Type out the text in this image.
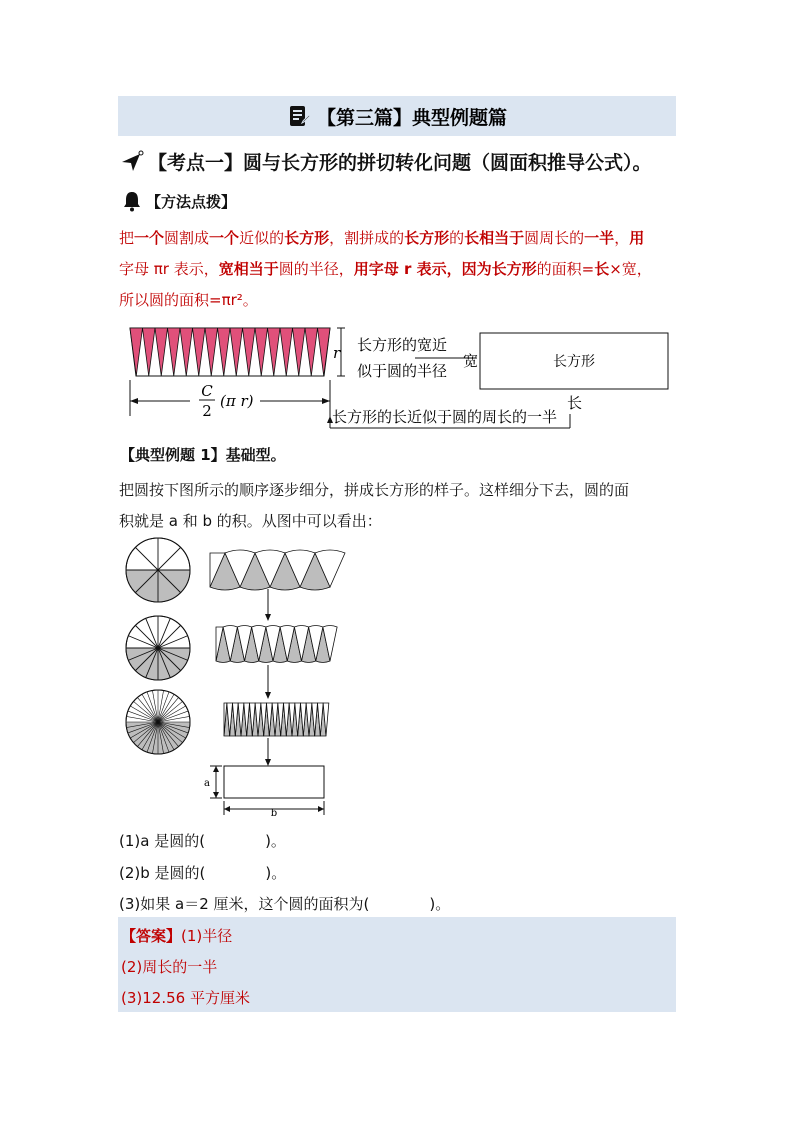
【第三篇】典型例题篇
【考点一】圆与长方形的拼切转化问题（圆面积推导公式）。
【方法点拨】
把一个圆割成一个近似的长方形，割拼成的长方形的长相当于圆周长的一半，用
字母 πr 表示，宽相当于圆的半径，用字母 r 表示，因为长方形的面积=长×宽，
所以圆的面积=πr²。
r 长方形的宽近
似于圆的半径
宽	长方形
C
2
(π r)
长方形的长近似于圆的周长的一半
长
【典型例题 1】基础型。
把圆按下图所示的顺序逐步细分，拼成长方形的样子。这样细分下去，圆的面
积就是 a 和 b 的积。从图中可以看出：
a
b
(1)a 是圆的(	)。
(2)b 是圆的(	)。
(3)如果 a＝2 厘米，这个圆的面积为(	)。
【答案】(1)半径
(2)周长的一半
(3)12.56 平方厘米
